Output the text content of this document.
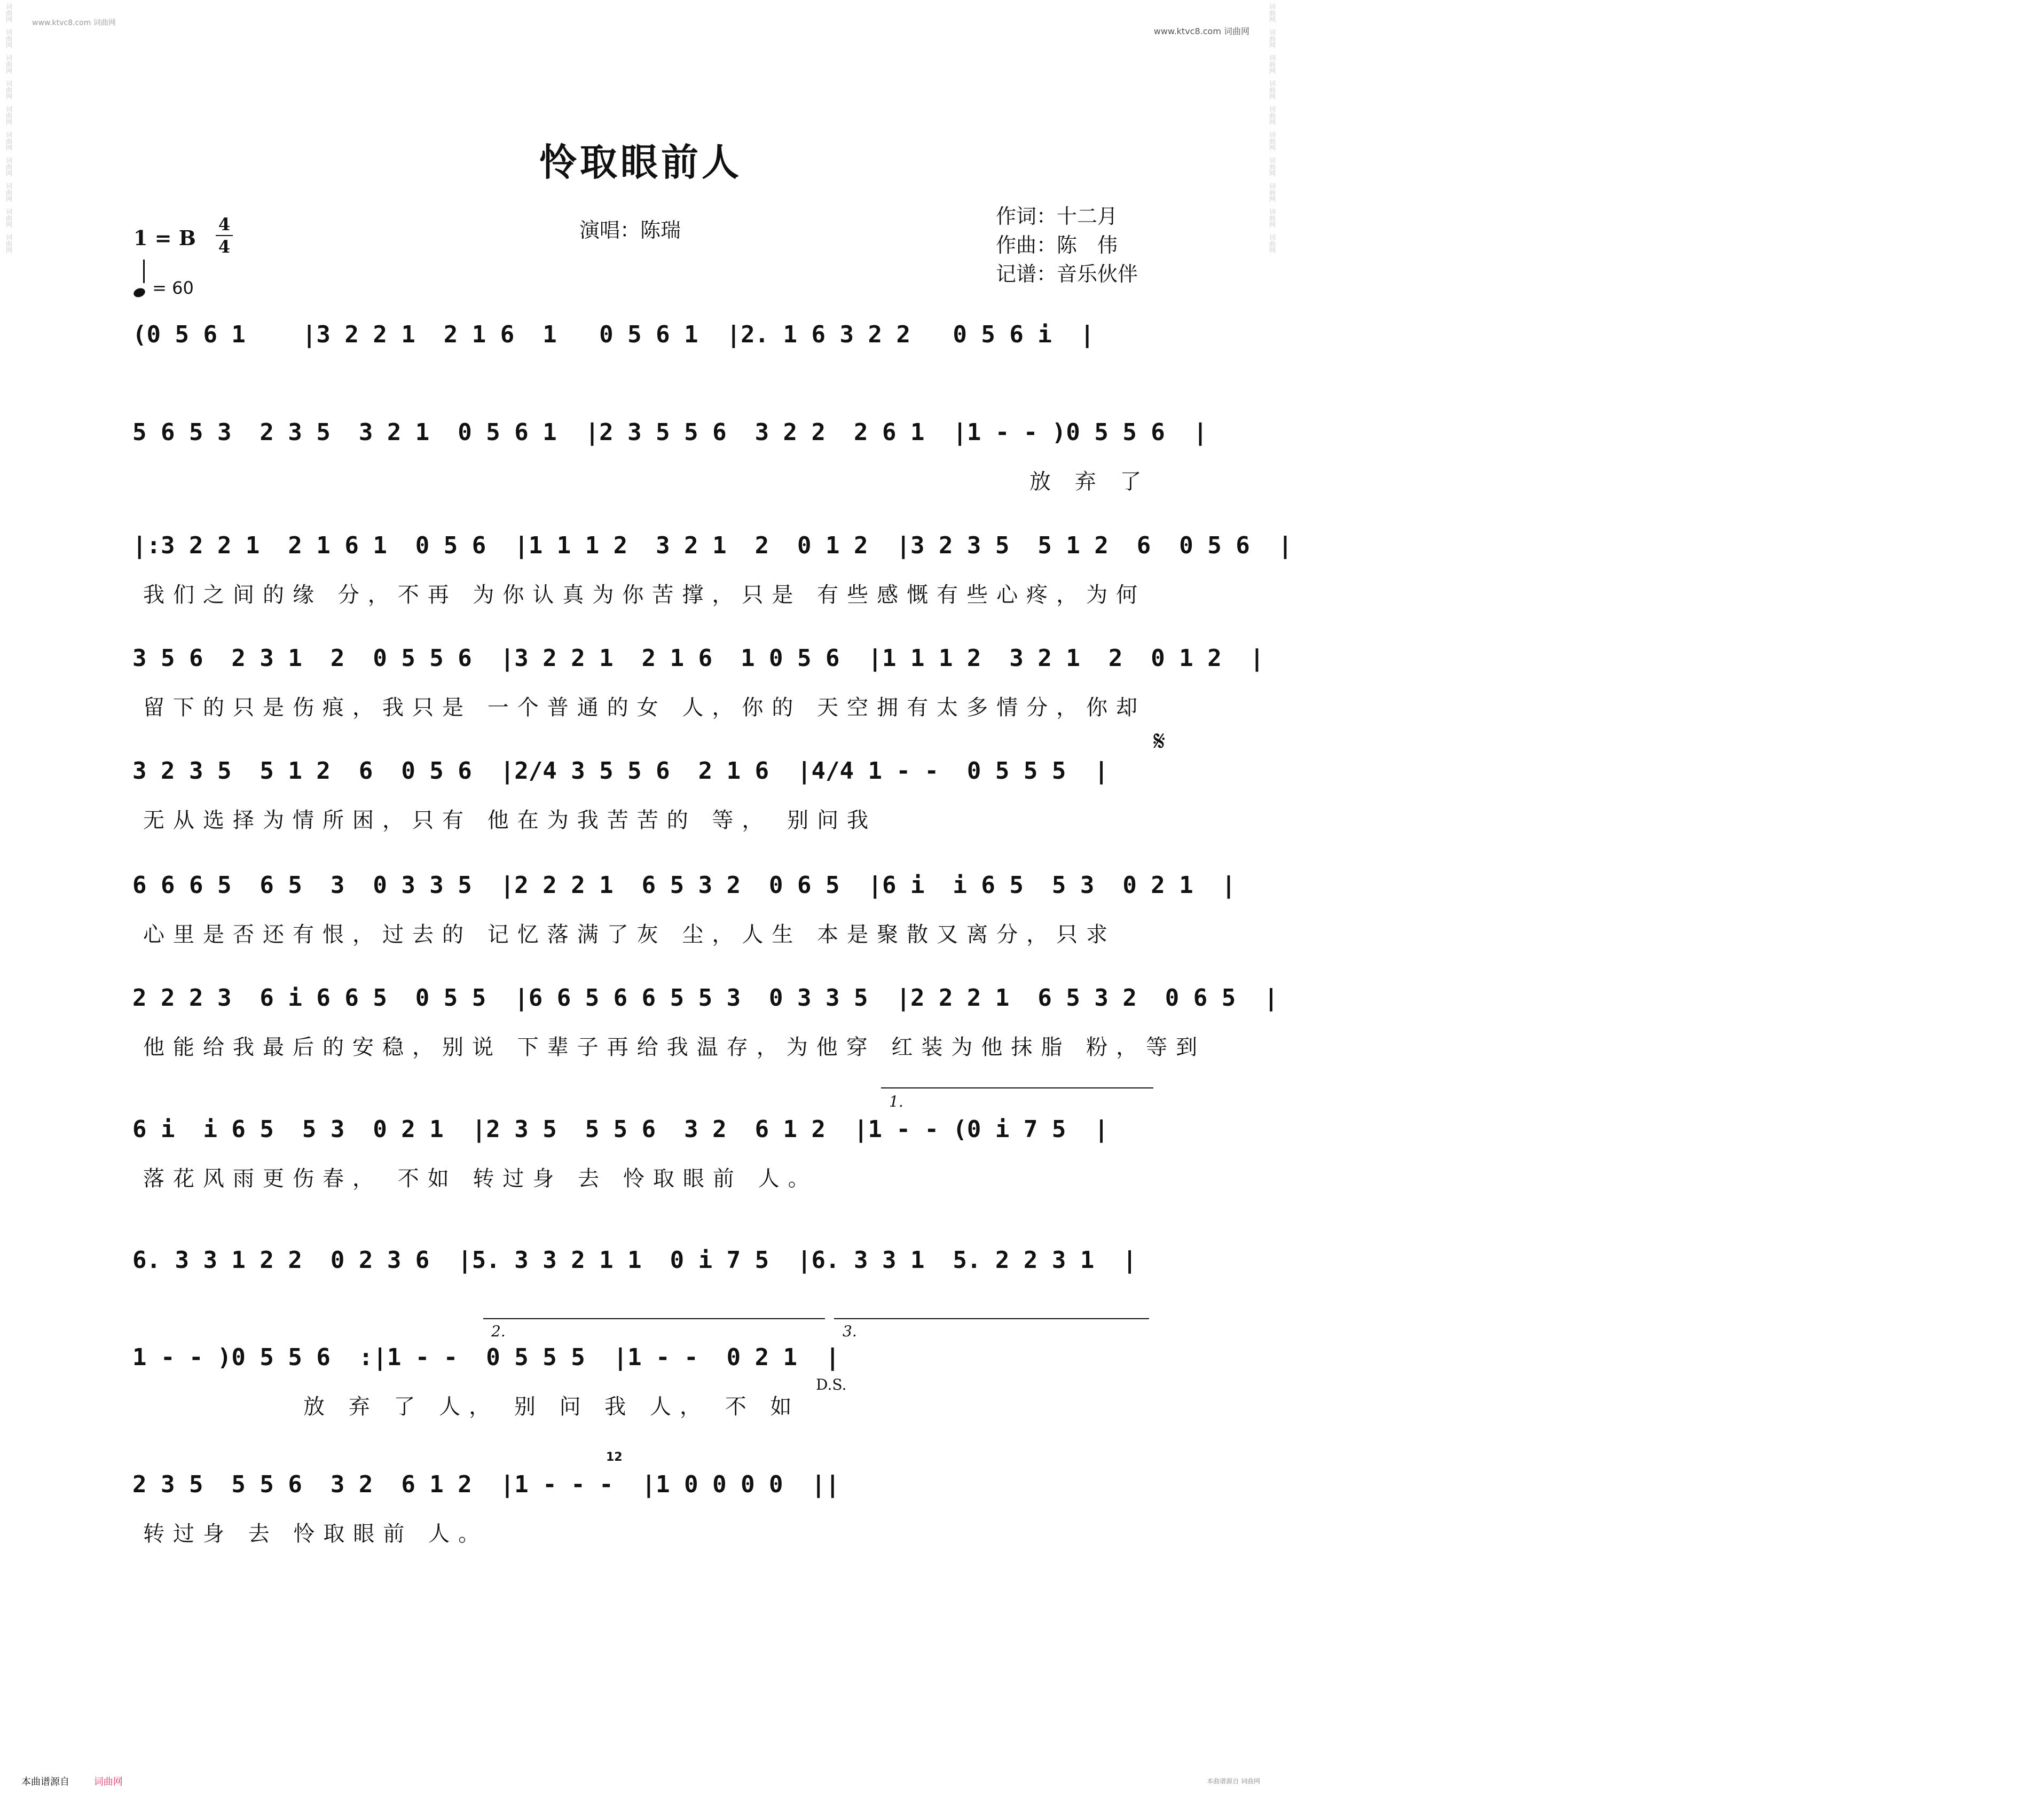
词曲网
词曲网
词曲网
词曲网
词曲网
词曲网
词曲网
词曲网
词曲网
词曲网
词曲网
词曲网
词曲网
词曲网
词曲网
词曲网
词曲网
词曲网
词曲网
词曲网
www.ktvc8.com 词曲网
www.ktvc8.com 词曲网
怜取眼前人
1 = B
4
4
= 60
演唱：陈瑞
作词：十二月
作曲：陈　伟
记谱：音乐伙伴
(0 5 6 1    |3 2 2 1  2 1 6  1   0 5 6 1  |2. 1 6 3 2 2   0 5 6 i  |
5 6 5 3  2 3 5  3 2 1  0 5 6 1  |2 3 5 5 6  3 2 2  2 6 1  |1 - - )0 5 5 6  |
放 弃 了
|:3 2 2 1  2 1 6 1  0 5 6  |1 1 1 2  3 2 1  2  0 1 2  |3 2 3 5  5 1 2  6  0 5 6  |
我们之间的缘 分，不再 为你认真为你苦撑，只是 有些感慨有些心疼，为何
3 5 6  2 3 1  2  0 5 5 6  |3 2 2 1  2 1 6  1 0 5 6  |1 1 1 2  3 2 1  2  0 1 2  |
留下的只是伤痕，我只是 一个普通的女 人，你的 天空拥有太多情分，你却
3 2 3 5  5 1 2  6  0 5 6  |2/4 3 5 5 6  2 1 6  |4/4 1 - -  0 5 5 5  |
无从选择为情所困，只有 他在为我苦苦的 等， 别问我
6 6 6 5  6 5  3  0 3 3 5  |2 2 2 1  6 5 3 2  0 6 5  |6 i  i 6 5  5 3  0 2 1  |
心里是否还有恨，过去的 记忆落满了灰 尘，人生 本是聚散又离分，只求
2 2 2 3  6 i 6 6 5  0 5 5  |6 6 5 6 6 5 5 3  0 3 3 5  |2 2 2 1  6 5 3 2  0 6 5  |
他能给我最后的安稳，别说 下辈子再给我温存，为他穿 红装为他抹脂 粉，等到
6 i  i 6 5  5 3  0 2 1  |2 3 5  5 5 6  3 2  6 1 2  |1 - - (0 i 7 5  |
落花风雨更伤春， 不如 转过身 去 怜取眼前 人。
6. 3 3 1 2 2  0 2 3 6  |5. 3 3 2 1 1  0 i 7 5  |6. 3 3 1  5. 2 2 3 1  |
1 - - )0 5 5 6  :|1 - -  0 5 5 5  |1 - -  0 2 1  |
放 弃 了 人， 别 问 我 人， 不 如
2 3 5  5 5 6  3 2  6 1 2  |1 - - -  |1 0 0 0 0  ||
转过身 去 怜取眼前 人。
1.
2.	3.
D.S.
𝄋
12
本曲谱源自	词曲网	本曲谱源自 词曲网
